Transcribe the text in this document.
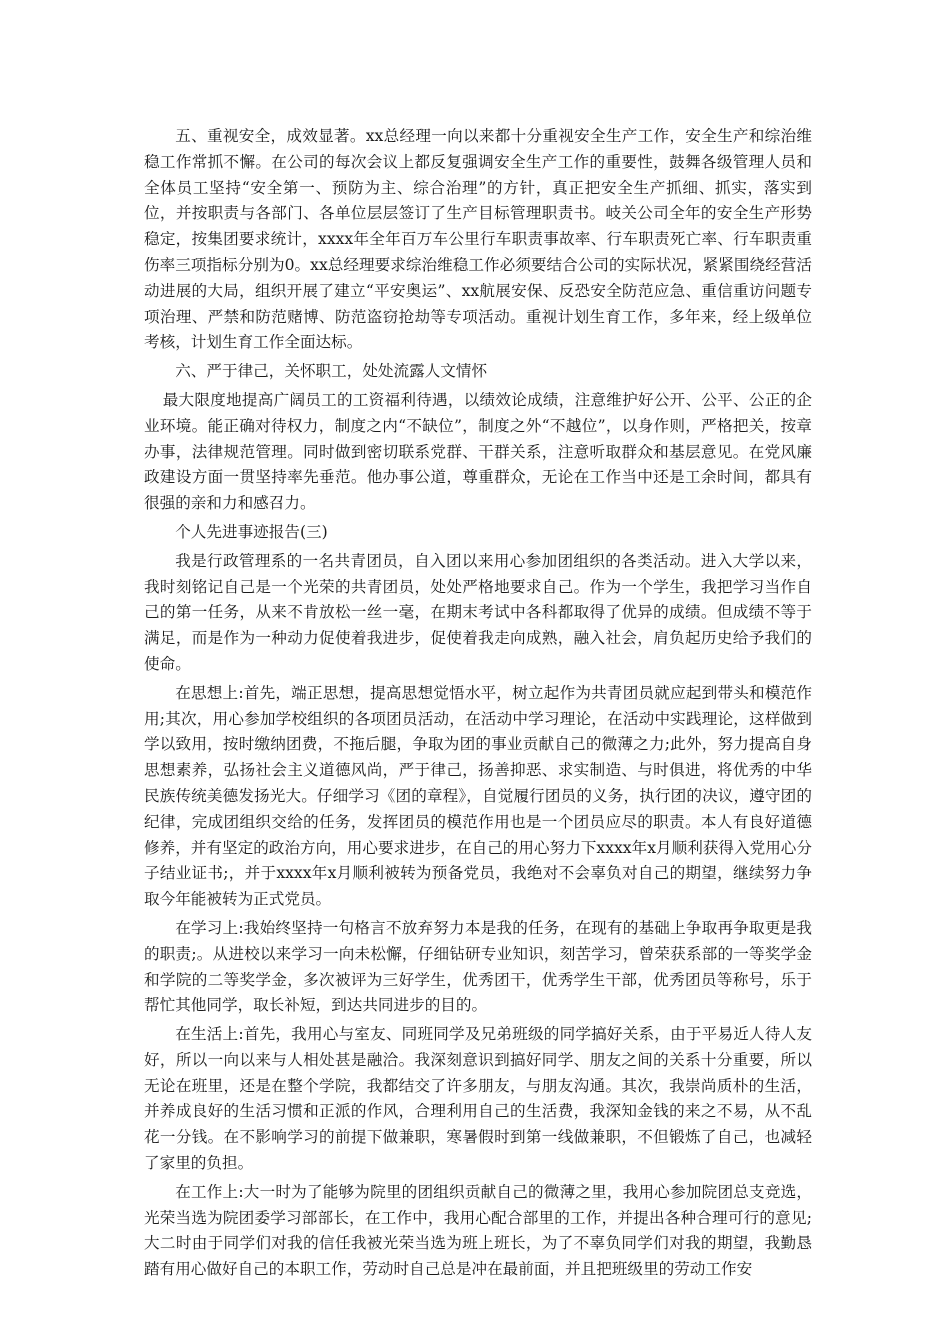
五、重视安全，成效显著。xx总经理一向以来都十分重视安全生产工作，安全生产和综治维稳工作常抓不懈。在公司的每次会议上都反复强调安全生产工作的重要性，鼓舞各级管理人员和全体员工坚持“安全第一、预防为主、综合治理”的方针，真正把安全生产抓细、抓实，落实到位，并按职责与各部门、各单位层层签订了生产目标管理职责书。岐关公司全年的安全生产形势稳定，按集团要求统计，xxxx年全年百万车公里行车职责事故率、行车职责死亡率、行车职责重伤率三项指标分别为0。xx总经理要求综治维稳工作必须要结合公司的实际状况，紧紧围绕经营活动进展的大局，组织开展了建立“平安奥运”、xx航展安保、反恐安全防范应急、重信重访问题专项治理、严禁和防范赌博、防范盗窃抢劫等专项活动。重视计划生育工作，多年来，经上级单位考核，计划生育工作全面达标。

六、严于律己，关怀职工，处处流露人文情怀

最大限度地提高广阔员工的工资福利待遇，以绩效论成绩，注意维护好公开、公平、公正的企业环境。能正确对待权力，制度之内“不缺位”，制度之外“不越位”，以身作则，严格把关，按章办事，法律规范管理。同时做到密切联系党群、干群关系，注意听取群众和基层意见。在党风廉政建设方面一贯坚持率先垂范。他办事公道，尊重群众，无论在工作当中还是工余时间，都具有很强的亲和力和感召力。

个人先进事迹报告(三)

我是行政管理系的一名共青团员，自入团以来用心参加团组织的各类活动。进入大学以来，我时刻铭记自己是一个光荣的共青团员，处处严格地要求自己。作为一个学生，我把学习当作自己的第一任务，从来不肯放松一丝一毫，在期末考试中各科都取得了优异的成绩。但成绩不等于满足，而是作为一种动力促使着我进步，促使着我走向成熟，融入社会，肩负起历史给予我们的使命。

在思想上:首先，端正思想，提高思想觉悟水平，树立起作为共青团员就应起到带头和模范作用;其次，用心参加学校组织的各项团员活动，在活动中学习理论，在活动中实践理论，这样做到学以致用，按时缴纳团费，不拖后腿，争取为团的事业贡献自己的微薄之力;此外，努力提高自身思想素养，弘扬社会主义道德风尚，严于律己，扬善抑恶、求实制造、与时俱进，将优秀的中华民族传统美德发扬光大。仔细学习《团的章程》，自觉履行团员的义务，执行团的决议，遵守团的纪律，完成团组织交给的任务，发挥团员的模范作用也是一个团员应尽的职责。本人有良好道德修养，并有坚定的政治方向，用心要求进步，在自己的用心努力下xxxx年x月顺利获得入党用心分子结业证书;，并于xxxx年x月顺利被转为预备党员，我绝对不会辜负对自己的期望，继续努力争取今年能被转为正式党员。

在学习上:我始终坚持一句格言不放弃努力本是我的任务，在现有的基础上争取再争取更是我的职责;。从进校以来学习一向未松懈，仔细钻研专业知识，刻苦学习，曾荣获系部的一等奖学金和学院的二等奖学金，多次被评为三好学生，优秀团干，优秀学生干部，优秀团员等称号，乐于帮忙其他同学，取长补短，到达共同进步的目的。

在生活上:首先，我用心与室友、同班同学及兄弟班级的同学搞好关系，由于平易近人待人友好，所以一向以来与人相处甚是融洽。我深刻意识到搞好同学、朋友之间的关系十分重要，所以无论在班里，还是在整个学院，我都结交了许多朋友，与朋友沟通。其次，我崇尚质朴的生活，并养成良好的生活习惯和正派的作风，合理利用自己的生活费，我深知金钱的来之不易，从不乱花一分钱。在不影响学习的前提下做兼职，寒暑假时到第一线做兼职，不但锻炼了自己，也减轻了家里的负担。

在工作上:大一时为了能够为院里的团组织贡献自己的微薄之里，我用心参加院团总支竞选，光荣当选为院团委学习部部长，在工作中，我用心配合部里的工作，并提出各种合理可行的意见;大二时由于同学们对我的信任我被光荣当选为班上班长，为了不辜负同学们对我的期望，我勤恳踏有用心做好自己的本职工作，劳动时自己总是冲在最前面，并且把班级里的劳动工作安
